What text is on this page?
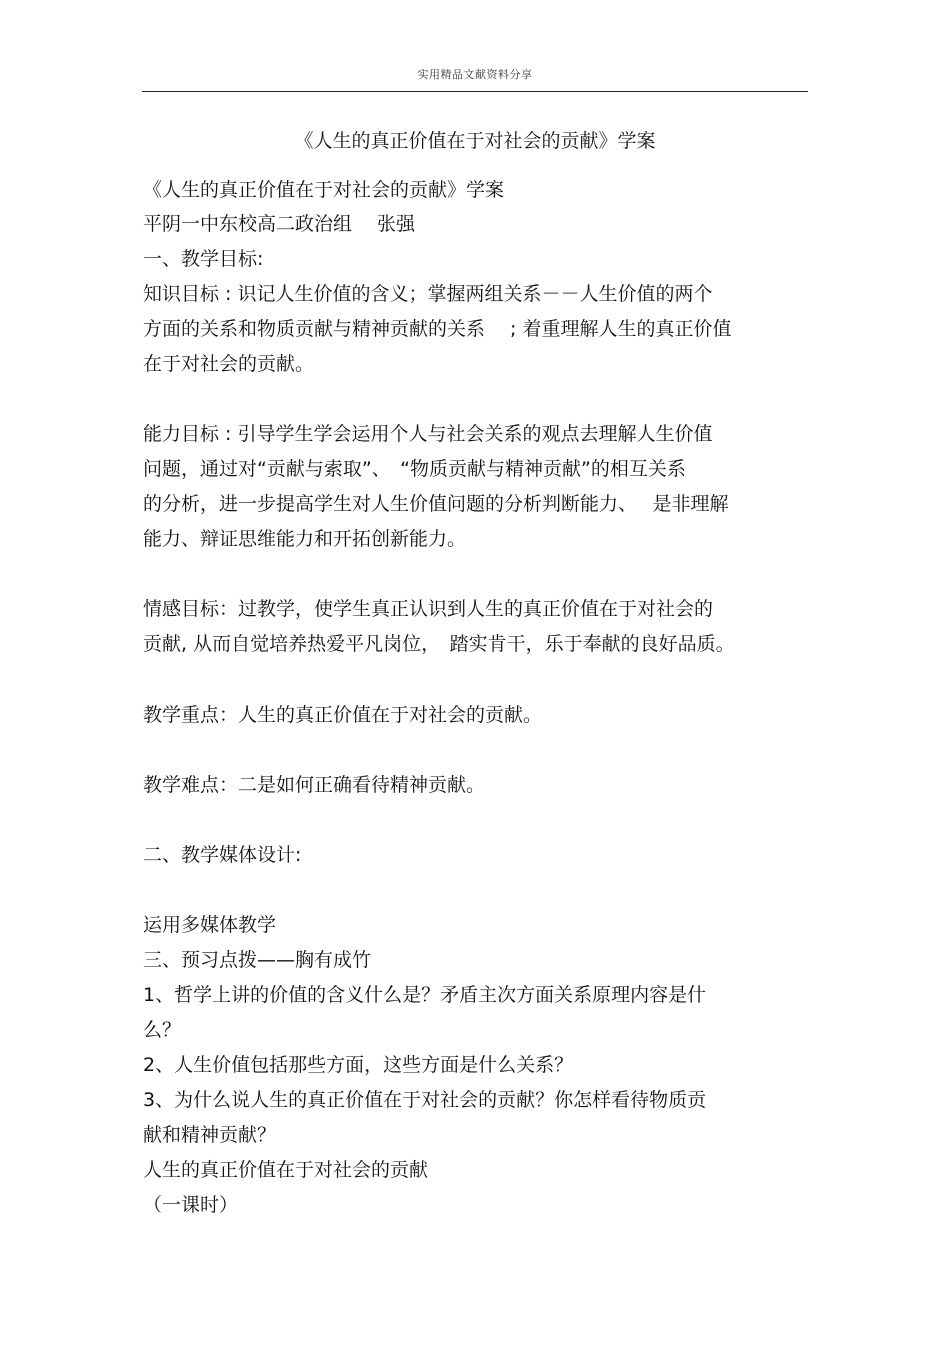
实用精品文献资料分享
《人生的真正价值在于对社会的贡献》学案
《人生的真正价值在于对社会的贡献》学案
平阴一中东校高二政治组　 张强
一、教学目标:
知识目标 : 识记人生价值的含义；掌握两组关系－－人生价值的两个
方面的关系和物质贡献与精神贡献的关系　 ; 着重理解人生的真正价值
在于对社会的贡献。
能力目标 : 引导学生学会运用个人与社会关系的观点去理解人生价值
问题，通过对“贡献与索取”、　“物质贡献与精神贡献”的相互关系
的分析，进一步提高学生对人生价值问题的分析判断能力、　 是非理解
能力、辩证思维能力和开拓创新能力。
情感目标：过教学，使学生真正认识到人生的真正价值在于对社会的
贡献, 从而自觉培养热爱平凡岗位，　踏实肯干，乐于奉献的良好品质。
教学重点：人生的真正价值在于对社会的贡献。
教学难点：二是如何正确看待精神贡献。
二、教学媒体设计:
运用多媒体教学
三、预习点拨——胸有成竹
1、哲学上讲的价值的含义什么是？矛盾主次方面关系原理内容是什
么？
2、人生价值包括那些方面，这些方面是什么关系？
3、为什么说人生的真正价值在于对社会的贡献？你怎样看待物质贡
献和精神贡献？
人生的真正价值在于对社会的贡献
（一课时）
